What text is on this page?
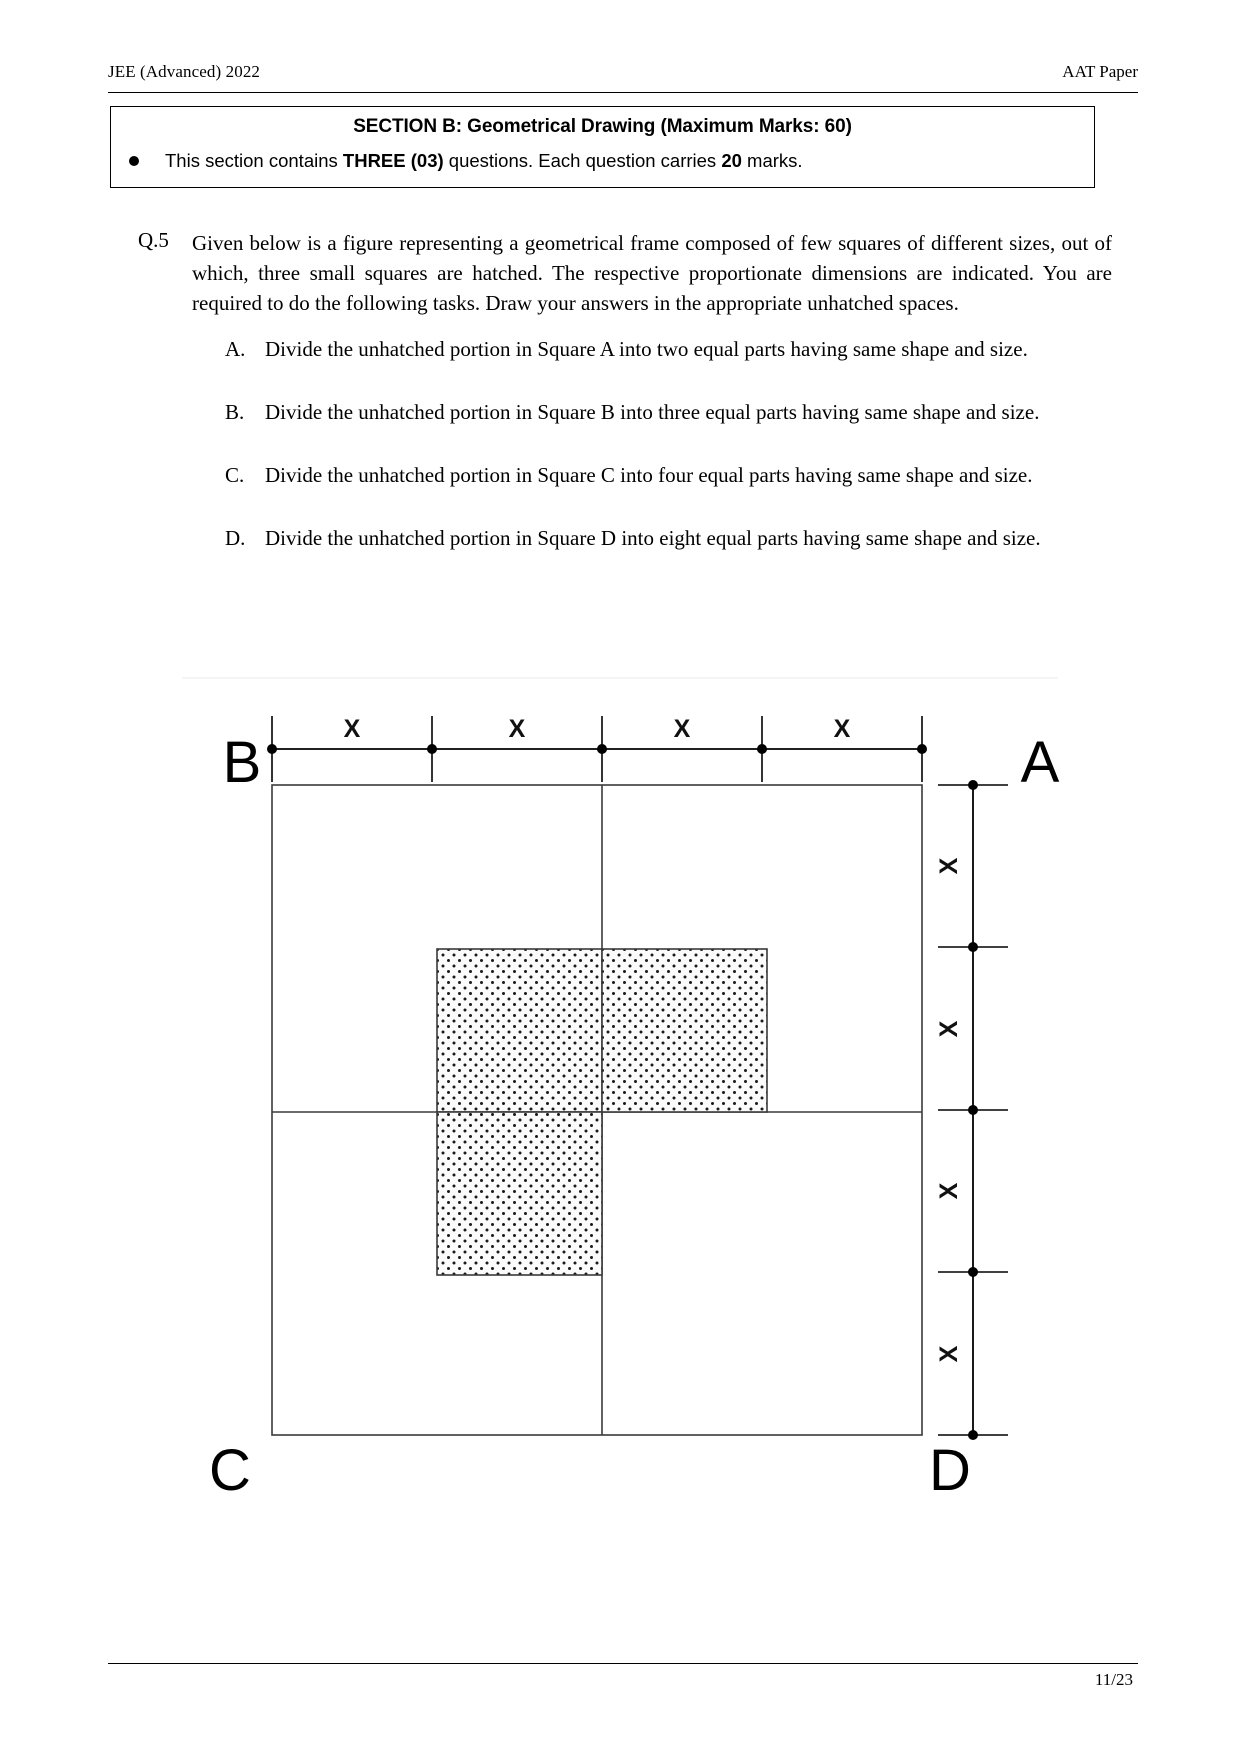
JEE (Advanced) 2022	AAT Paper
SECTION B: Geometrical Drawing (Maximum Marks: 60)
This section contains THREE (03) questions. Each question carries 20 marks.
Q.5 Given below is a figure representing a geometrical frame composed of few squares of different sizes, out of which, three small squares are hatched. The respective proportionate dimensions are indicated. You are required to do the following tasks. Draw your answers in the appropriate unhatched spaces.
A. Divide the unhatched portion in Square A into two equal parts having same shape and size.
B. Divide the unhatched portion in Square B into three equal parts having same shape and size.
C. Divide the unhatched portion in Square C into four equal parts having same shape and size.
D. Divide the unhatched portion in Square D into eight equal parts having same shape and size.
X	X	X	X
X
X
X
X
B	A
C	D
11/23
